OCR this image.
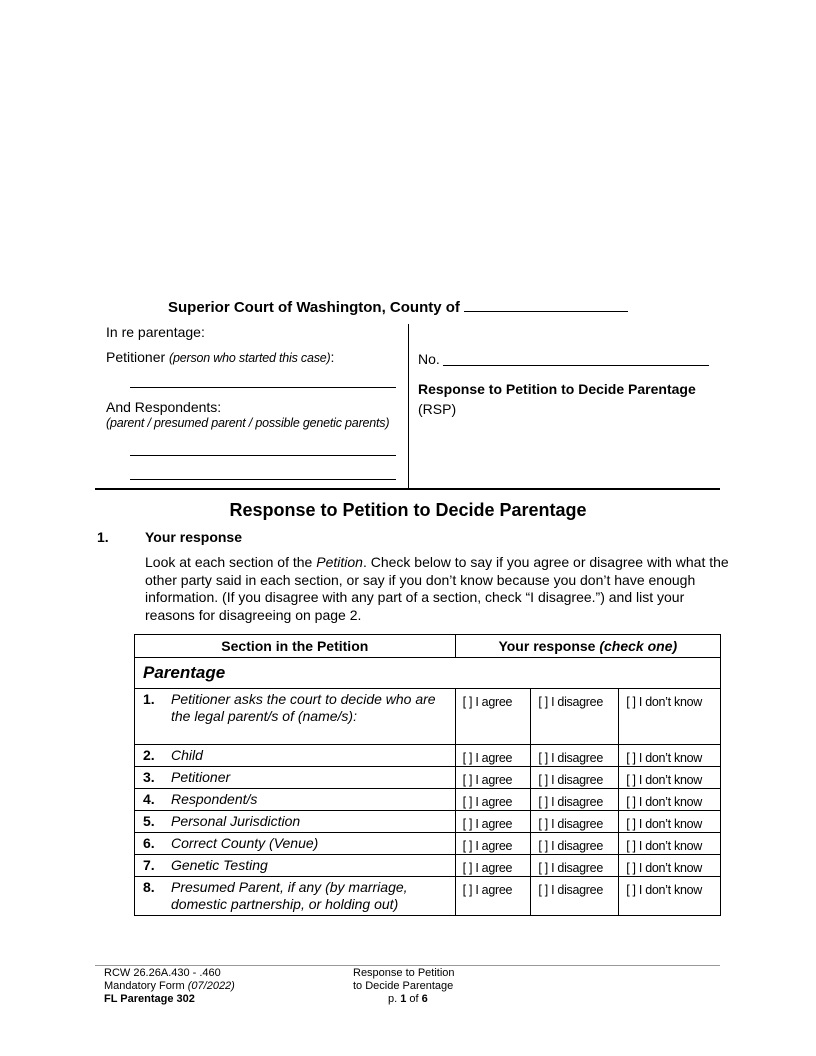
Superior Court of Washington, County of
In re parentage:
Petitioner (person who started this case):
And Respondents:
(parent / presumed parent / possible genetic parents)
No.
Response to Petition to Decide Parentage
(RSP)
Response to Petition to Decide Parentage
1.	Your response
Look at each section of the Petition. Check below to say if you agree or disagree with what the other party said in each section, or say if you don’t know because you don’t have enough information. (If you disagree with any part of a section, check “I disagree.”) and list your reasons for disagreeing on page 2.
Section in the Petition	Your response (check one)		
Parentage			
1. Petitioner asks the court to decide who are the legal parent/s of (name/s):	[ ] I agree	[ ] I disagree	[ ] I don’t know
2. Child	[ ] I agree	[ ] I disagree	[ ] I don’t know
3. Petitioner	[ ] I agree	[ ] I disagree	[ ] I don’t know
4. Respondent/s	[ ] I agree	[ ] I disagree	[ ] I don’t know
5. Personal Jurisdiction	[ ] I agree	[ ] I disagree	[ ] I don’t know
6. Correct County (Venue)	[ ] I agree	[ ] I disagree	[ ] I don’t know
7. Genetic Testing	[ ] I agree	[ ] I disagree	[ ] I don’t know
8. Presumed Parent, if any (by marriage, domestic partnership, or holding out)	[ ] I agree	[ ] I disagree	[ ] I don’t know
RCW 26.26A.430 - .460
Mandatory Form (07/2022)
FL Parentage 302
Response to Petition
to Decide Parentage
p. 1 of 6
